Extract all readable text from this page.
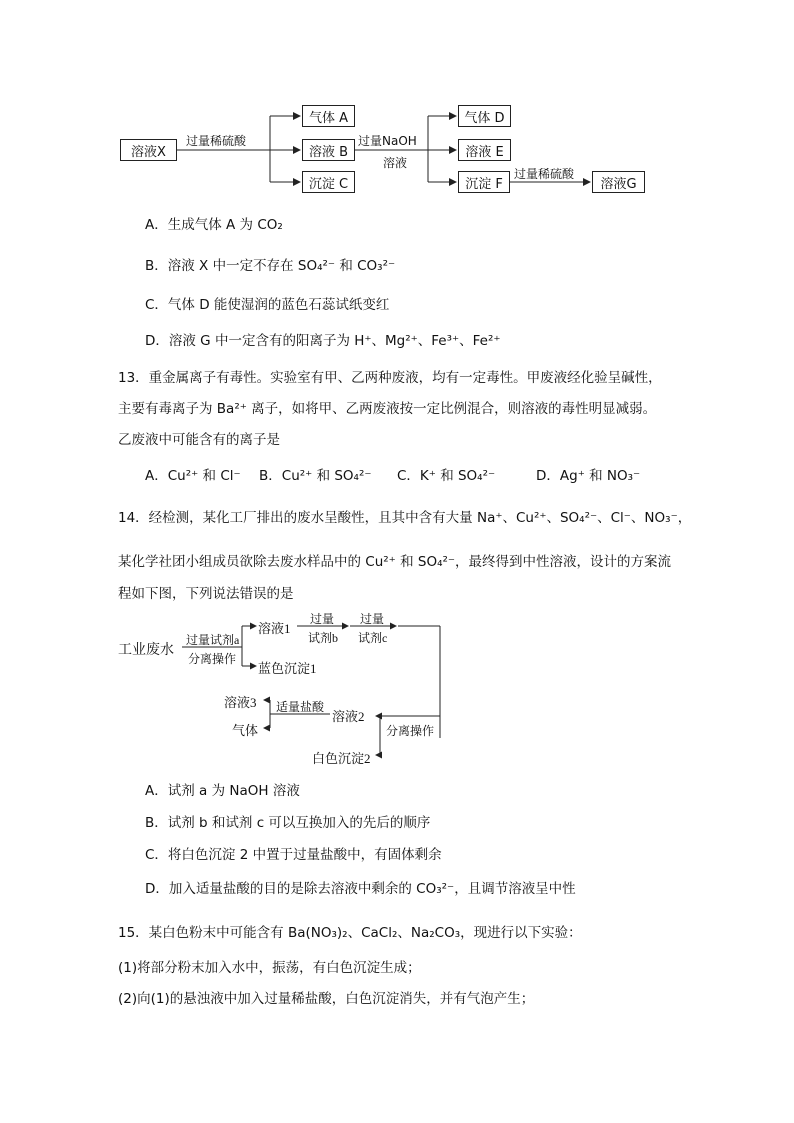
溶液X
气体 A
溶液 B
沉淀 C
气体 D
溶液 E
沉淀 F	溶液G
过量稀硫酸	过量NaOH
溶液
过量稀硫酸
A．生成气体 A 为 CO₂
B．溶液 X 中一定不存在 SO₄²⁻ 和 CO₃²⁻
C．气体 D 能使湿润的蓝色石蕊试纸变红
D．溶液 G 中一定含有的阳离子为 H⁺、Mg²⁺、Fe³⁺、Fe²⁺
13．重金属离子有毒性。实验室有甲、乙两种废液，均有一定毒性。甲废液经化验呈碱性，
主要有毒离子为 Ba²⁺ 离子，如将甲、乙两废液按一定比例混合，则溶液的毒性明显减弱。
乙废液中可能含有的离子是
A．Cu²⁺ 和 Cl⁻ B．Cu²⁺ 和 SO₄²⁻ C．K⁺ 和 SO₄²⁻	D．Ag⁺ 和 NO₃⁻
14．经检测，某化工厂排出的废水呈酸性，且其中含有大量 Na⁺、Cu²⁺、SO₄²⁻、Cl⁻、NO₃⁻，
某化学社团小组成员欲除去废水样品中的 Cu²⁺ 和 SO₄²⁻，最终得到中性溶液，设计的方案流
程如下图，下列说法错误的是
工业废水
过量试剂a
分离操作
溶液1
蓝色沉淀1
过量
试剂b
过量
试剂c
分离操作
溶液2
白色沉淀2
适量盐酸
溶液3
气体
A．试剂 a 为 NaOH 溶液
B．试剂 b 和试剂 c 可以互换加入的先后的顺序
C．将白色沉淀 2 中置于过量盐酸中，有固体剩余
D．加入适量盐酸的目的是除去溶液中剩余的 CO₃²⁻，且调节溶液呈中性
15．某白色粉末中可能含有 Ba(NO₃)₂、CaCl₂、Na₂CO₃，现进行以下实验：
(1)将部分粉末加入水中，振荡，有白色沉淀生成；
(2)向(1)的悬浊液中加入过量稀盐酸，白色沉淀消失，并有气泡产生；
